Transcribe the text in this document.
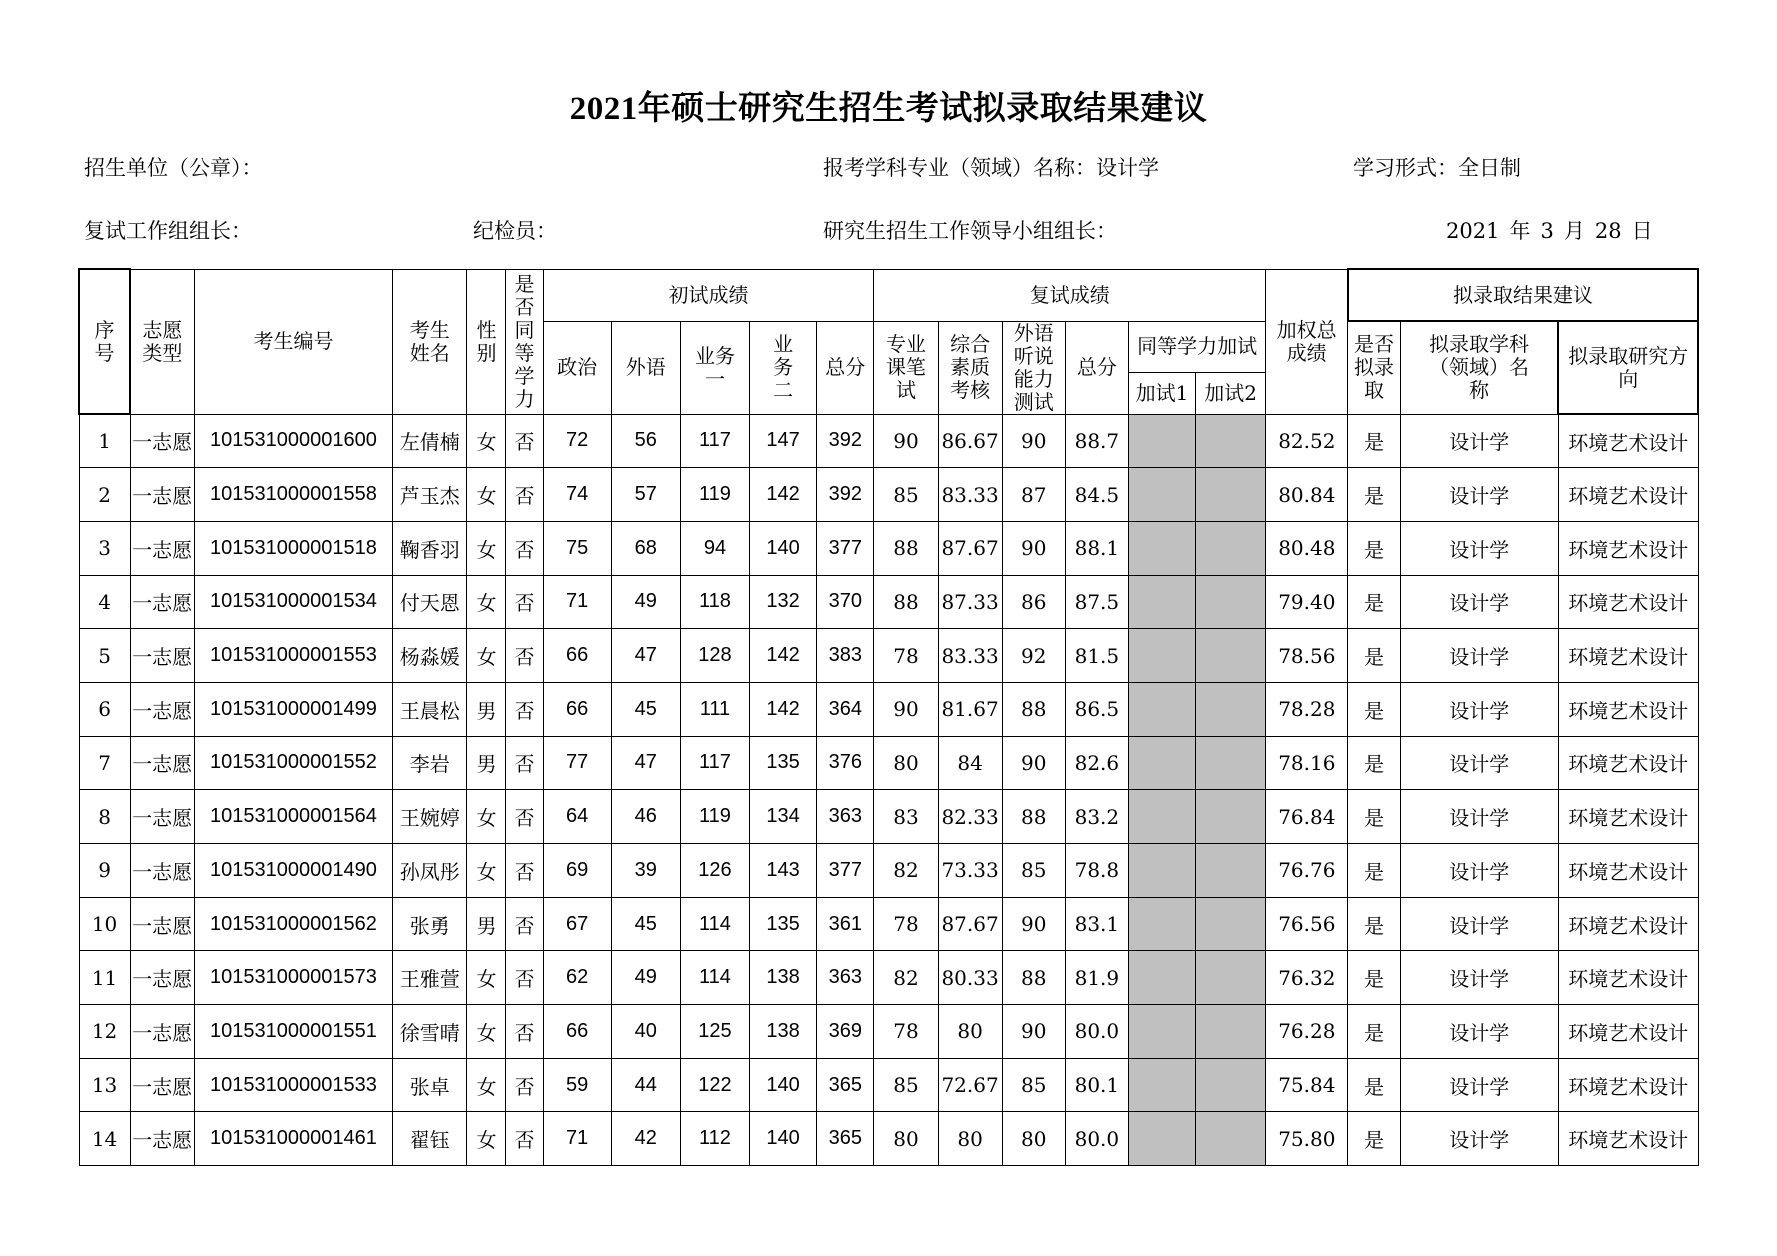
2021年硕士研究生招生考试拟录取结果建议
招生单位（公章）：	报考学科专业（领域）名称：设计学	学习形式：全日制
复试工作组组长：	纪检员：	研究生招生工作领导小组组长：	2021 年 3 月 28 日
序号	志愿类型	考生编号	考生姓名	性别	是否同等学力	初试成绩					复试成绩						加权总成绩	拟录取结果建议		
						政治	外语	业务一	业务二	总分	专业课笔试	综合素质考核	外语听说能力测试	总分	同等学力加试			是否拟录取	拟录取学科（领域）名称	拟录取研究方向
															加试1	加试2				
1	一志愿	101531000001600	左倩楠	女	否	72	56	117	147	392	90	86.67	90	88.7			82.52	是	设计学	环境艺术设计
2	一志愿	101531000001558	芦玉杰	女	否	74	57	119	142	392	85	83.33	87	84.5			80.84	是	设计学	环境艺术设计
3	一志愿	101531000001518	鞠香羽	女	否	75	68	94	140	377	88	87.67	90	88.1			80.48	是	设计学	环境艺术设计
4	一志愿	101531000001534	付天恩	女	否	71	49	118	132	370	88	87.33	86	87.5			79.40	是	设计学	环境艺术设计
5	一志愿	101531000001553	杨淼媛	女	否	66	47	128	142	383	78	83.33	92	81.5			78.56	是	设计学	环境艺术设计
6	一志愿	101531000001499	王晨松	男	否	66	45	111	142	364	90	81.67	88	86.5			78.28	是	设计学	环境艺术设计
7	一志愿	101531000001552	李岩	男	否	77	47	117	135	376	80	84	90	82.6			78.16	是	设计学	环境艺术设计
8	一志愿	101531000001564	王婉婷	女	否	64	46	119	134	363	83	82.33	88	83.2			76.84	是	设计学	环境艺术设计
9	一志愿	101531000001490	孙凤彤	女	否	69	39	126	143	377	82	73.33	85	78.8			76.76	是	设计学	环境艺术设计
10	一志愿	101531000001562	张勇	男	否	67	45	114	135	361	78	87.67	90	83.1			76.56	是	设计学	环境艺术设计
11	一志愿	101531000001573	王雅萱	女	否	62	49	114	138	363	82	80.33	88	81.9			76.32	是	设计学	环境艺术设计
12	一志愿	101531000001551	徐雪晴	女	否	66	40	125	138	369	78	80	90	80.0			76.28	是	设计学	环境艺术设计
13	一志愿	101531000001533	张卓	女	否	59	44	122	140	365	85	72.67	85	80.1			75.84	是	设计学	环境艺术设计
14	一志愿	101531000001461	翟钰	女	否	71	42	112	140	365	80	80	80	80.0			75.80	是	设计学	环境艺术设计
